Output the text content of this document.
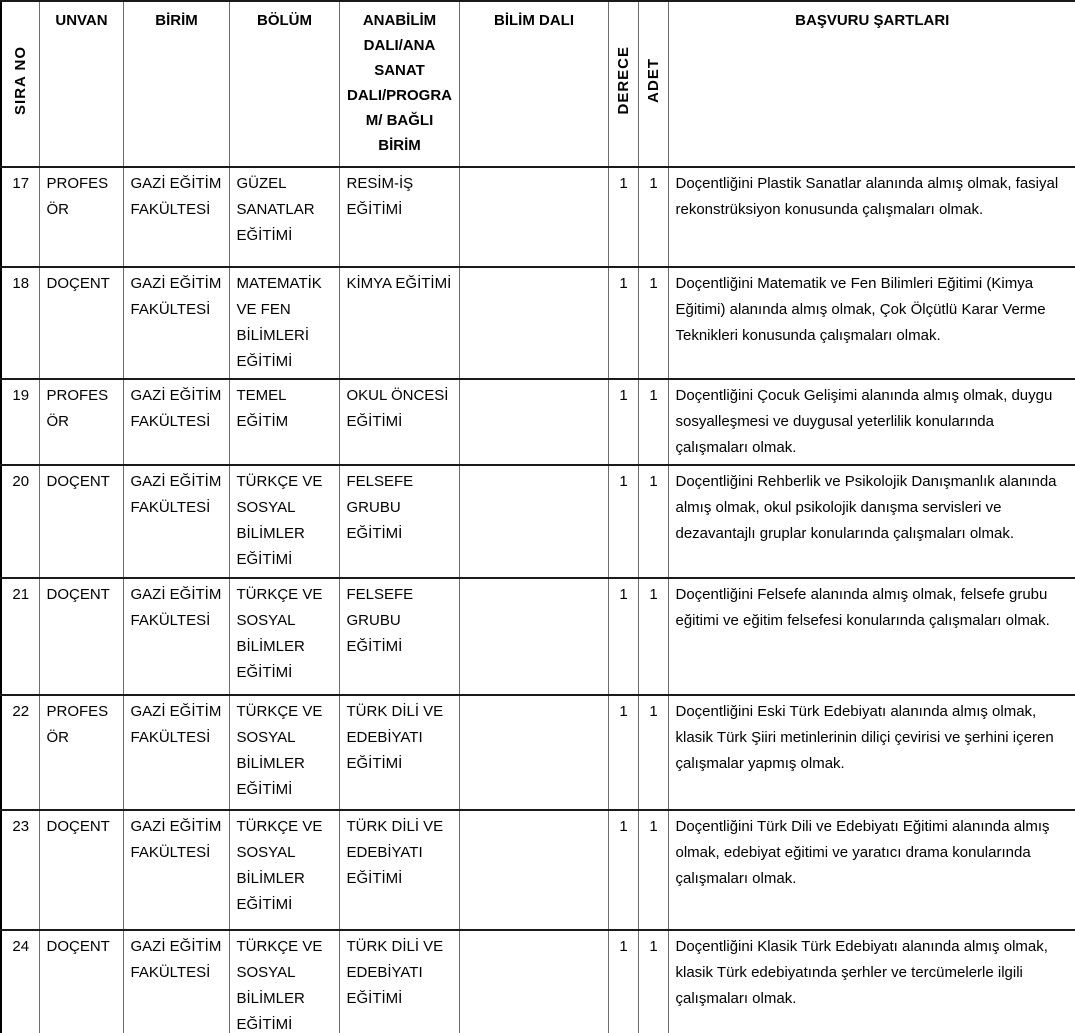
SIRA NO	UNVAN	BİRİM	BÖLÜM	ANABİLİM DALI/ANA SANAT DALI/PROGRAM/ BAĞLI BİRİM	BİLİM DALI	DERECE	ADET	BAŞVURU ŞARTLARI
17	PROFESÖR	GAZİ EĞİTİM FAKÜLTESİ	GÜZEL SANATLAR EĞİTİMİ	RESİM-İŞ EĞİTİMİ		1	1	Doçentliğini Plastik Sanatlar alanında almış olmak, fasiyal rekonstrüksiyon konusunda çalışmaları olmak.
18	DOÇENT	GAZİ EĞİTİM FAKÜLTESİ	MATEMATİK VE FEN BİLİMLERİ EĞİTİMİ	KİMYA EĞİTİMİ		1	1	Doçentliğini Matematik ve Fen Bilimleri Eğitimi (Kimya Eğitimi) alanında almış olmak, Çok Ölçütlü Karar Verme Teknikleri konusunda çalışmaları olmak.
19	PROFESÖR	GAZİ EĞİTİM FAKÜLTESİ	TEMEL EĞİTİM	OKUL ÖNCESİ EĞİTİMİ		1	1	Doçentliğini Çocuk Gelişimi alanında almış olmak, duygu sosyalleşmesi ve duygusal yeterlilik konularında çalışmaları olmak.
20	DOÇENT	GAZİ EĞİTİM FAKÜLTESİ	TÜRKÇE VE SOSYAL BİLİMLER EĞİTİMİ	FELSEFE GRUBU EĞİTİMİ		1	1	Doçentliğini Rehberlik ve Psikolojik Danışmanlık alanında almış olmak, okul psikolojik danışma servisleri ve dezavantajlı gruplar konularında çalışmaları olmak.
21	DOÇENT	GAZİ EĞİTİM FAKÜLTESİ	TÜRKÇE VE SOSYAL BİLİMLER EĞİTİMİ	FELSEFE GRUBU EĞİTİMİ		1	1	Doçentliğini Felsefe alanında almış olmak, felsefe grubu eğitimi ve eğitim felsefesi konularında çalışmaları olmak.
22	PROFESÖR	GAZİ EĞİTİM FAKÜLTESİ	TÜRKÇE VE SOSYAL BİLİMLER EĞİTİMİ	TÜRK DİLİ VE EDEBİYATI EĞİTİMİ		1	1	Doçentliğini Eski Türk Edebiyatı alanında almış olmak, klasik Türk Şiiri metinlerinin diliçi çevirisi ve şerhini içeren çalışmalar yapmış olmak.
23	DOÇENT	GAZİ EĞİTİM FAKÜLTESİ	TÜRKÇE VE SOSYAL BİLİMLER EĞİTİMİ	TÜRK DİLİ VE EDEBİYATI EĞİTİMİ		1	1	Doçentliğini Türk Dili ve Edebiyatı Eğitimi alanında almış olmak, edebiyat eğitimi ve yaratıcı drama konularında çalışmaları olmak.
24	DOÇENT	GAZİ EĞİTİM FAKÜLTESİ	TÜRKÇE VE SOSYAL BİLİMLER EĞİTİMİ	TÜRK DİLİ VE EDEBİYATI EĞİTİMİ		1	1	Doçentliğini Klasik Türk Edebiyatı alanında almış olmak, klasik Türk edebiyatında şerhler ve tercümelerle ilgili çalışmaları olmak.
